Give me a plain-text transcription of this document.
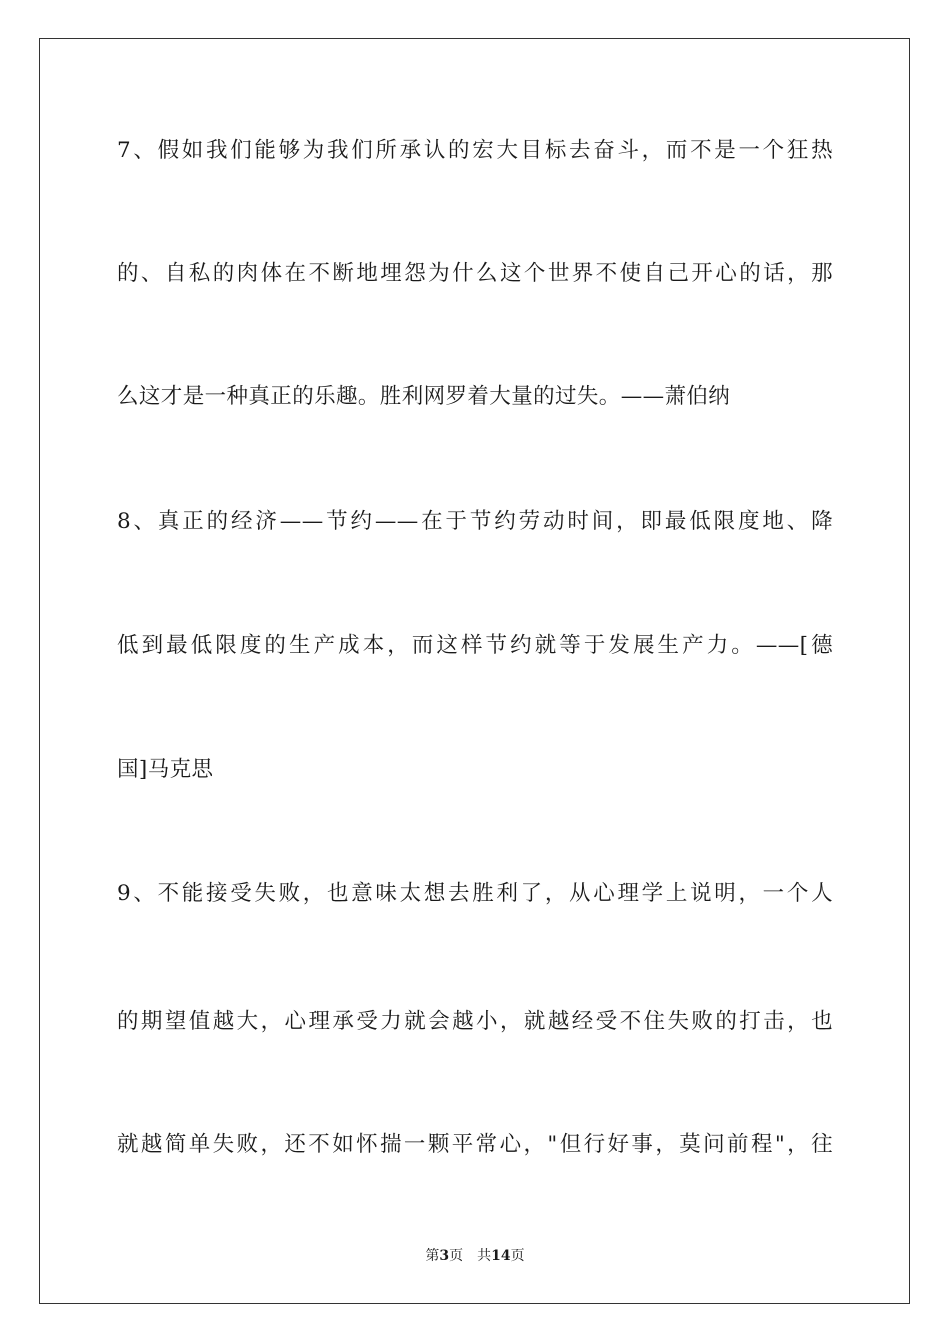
7、假如我们能够为我们所承认的宏大目标去奋斗，而不是一个狂热
的、自私的肉体在不断地埋怨为什么这个世界不使自己开心的话，那
么这才是一种真正的乐趣。胜利网罗着大量的过失。——萧伯纳
8、真正的经济——节约——在于节约劳动时间，即最低限度地、降
低到最低限度的生产成本，而这样节约就等于发展生产力。——[德
国]马克思
9、不能接受失败，也意味太想去胜利了，从心理学上说明，一个人
的期望值越大，心理承受力就会越小，就越经受不住失败的打击，也
就越简单失败，还不如怀揣一颗平常心，"但行好事，莫问前程"，往
第3页 共14页
